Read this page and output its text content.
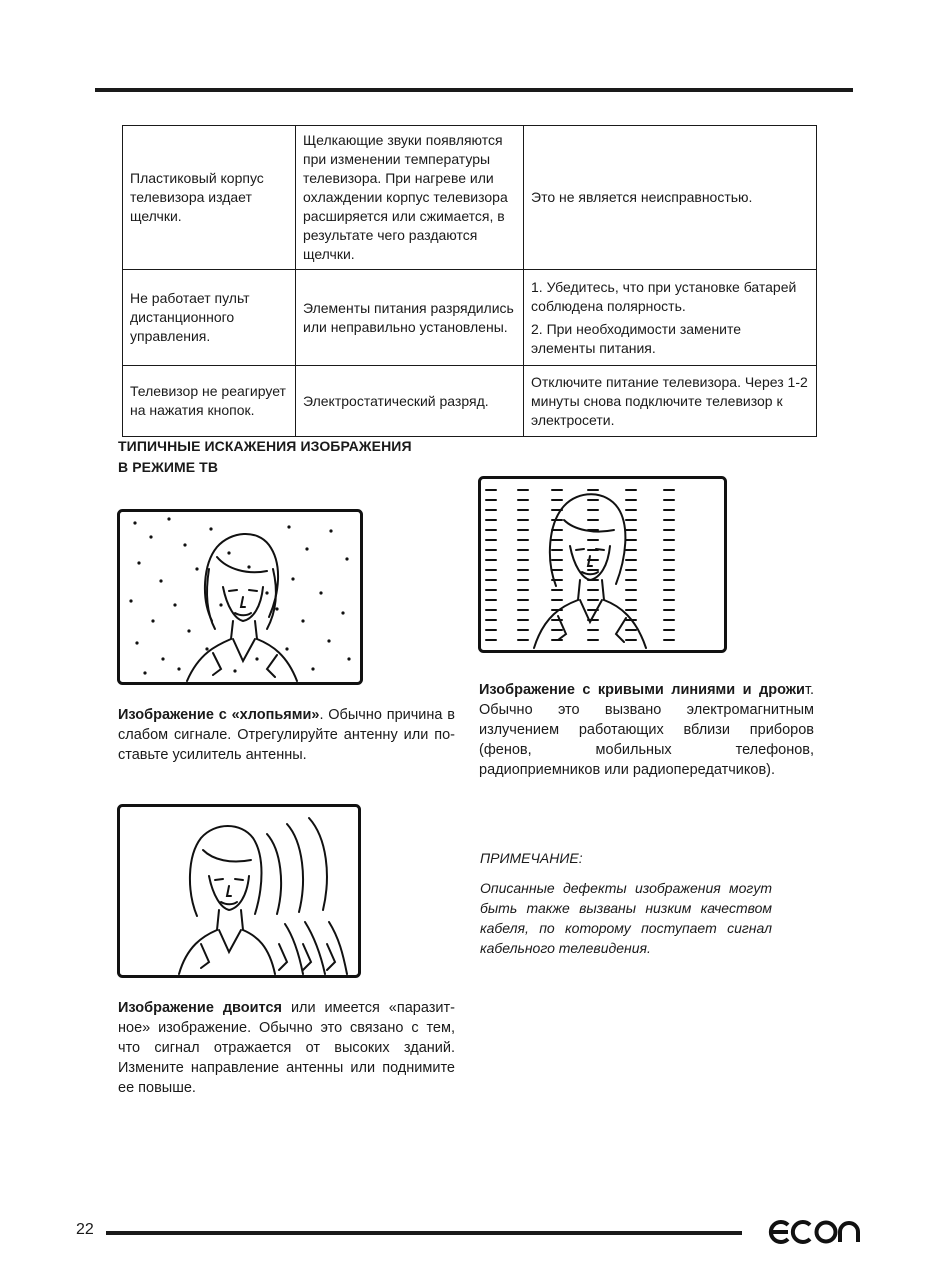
Пластиковый корпус телевизора издает щелчки.	Щелкающие звуки появляются при изменении температуры телевизора. При нагреве или охлаждении корпус телевизора расширяется или сжимается, в результате чего раздаются щелчки.	Это не является неисправностью.

Не работает пульт дистанционного управления.	Элементы питания разрядились или неправильно установлены.	1. Убедитесь, что при установке батарей соблюдена полярность.
2. При необходимости замените элементы питания.

Телевизор не реагирует на нажатия кнопок.	Электростатический разряд.	Отключите питание телевизора. Через 1-2 минуты снова подключите телевизор к электросети.
ТИПИЧНЫЕ ИСКАЖЕНИЯ ИЗОБРАЖЕНИЯ
В РЕЖИМЕ ТВ
Изображение с «хлопьями». Обычно причина в слабом сигнале. Отрегулируйте антенну или поставьте усилитель антенны.
Изображение с кривыми линиями и дрожит. Обычно это вызвано электромагнитным излучением работающих вблизи приборов (фенов, мобильных телефонов, радиоприемников или радиопередатчиков).
Изображение двоится или имеется «паразитное» изображение. Обычно это связано с тем, что сигнал отражается от высоких зданий. Измените направление антенны или поднимите ее повыше.
ПРИМЕЧАНИЕ:
Описанные дефекты изображения могут быть также вызваны низким качеством кабеля, по которому поступает сигнал кабельного телевидения.
22
